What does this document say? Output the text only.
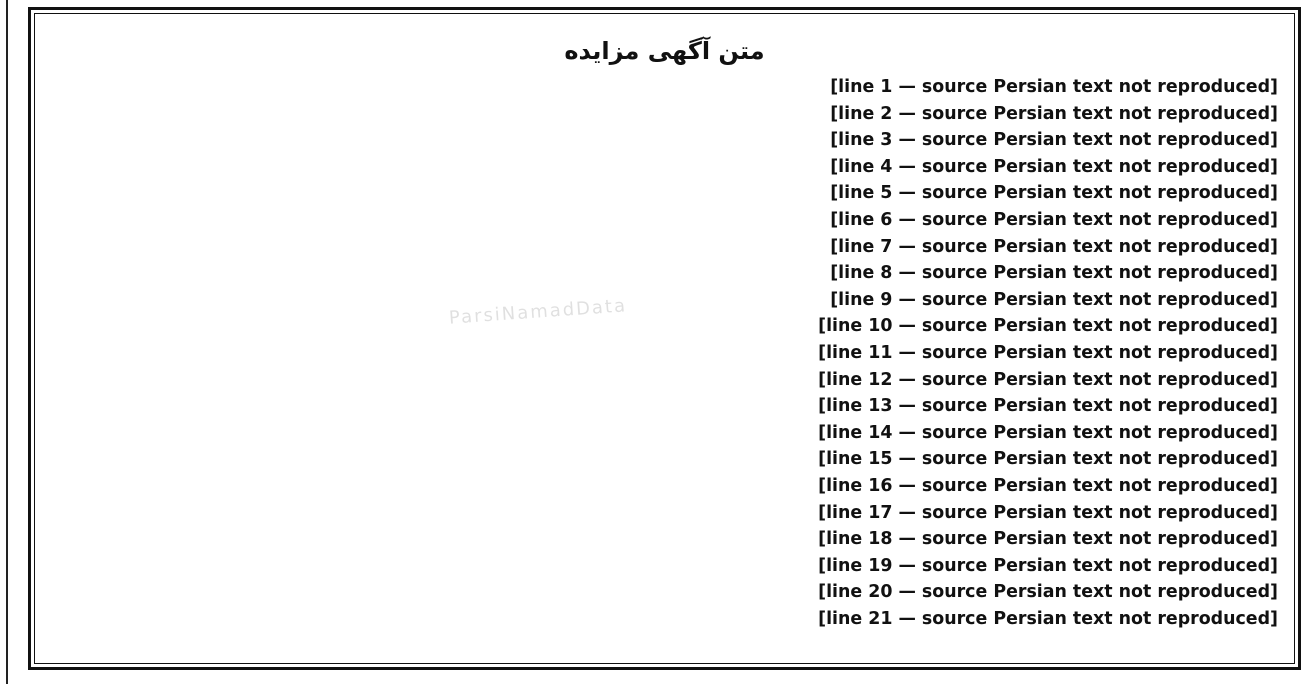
متن آگهی مزایده
[line 1 — source Persian text not reproduced]
[line 2 — source Persian text not reproduced]
[line 3 — source Persian text not reproduced]
[line 4 — source Persian text not reproduced]
[line 5 — source Persian text not reproduced]
[line 6 — source Persian text not reproduced]
[line 7 — source Persian text not reproduced]
[line 8 — source Persian text not reproduced]
[line 9 — source Persian text not reproduced]
[line 10 — source Persian text not reproduced]
[line 11 — source Persian text not reproduced]
[line 12 — source Persian text not reproduced]
[line 13 — source Persian text not reproduced]
[line 14 — source Persian text not reproduced]
[line 15 — source Persian text not reproduced]
[line 16 — source Persian text not reproduced]
[line 17 — source Persian text not reproduced]
[line 18 — source Persian text not reproduced]
[line 19 — source Persian text not reproduced]
[line 20 — source Persian text not reproduced]
[line 21 — source Persian text not reproduced]
ParsiNamadData
